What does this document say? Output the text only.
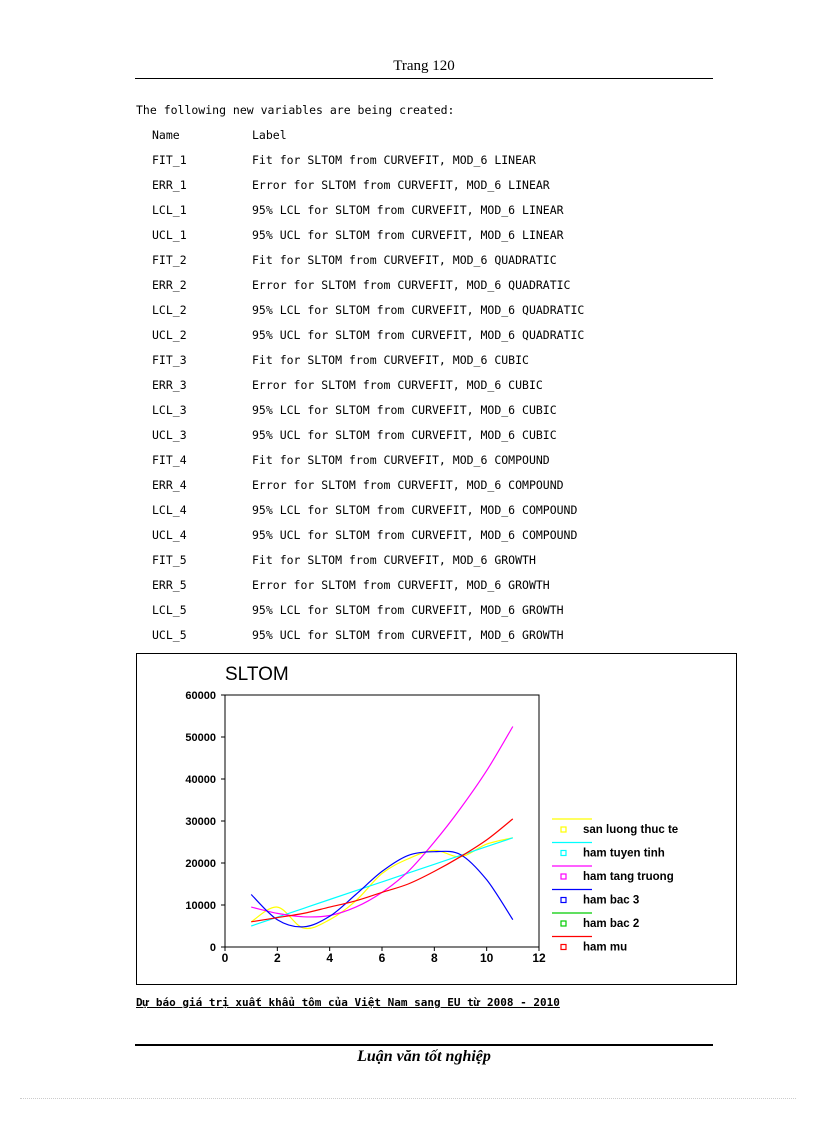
Trang 120
The following new variables are being created:
Name	Label
FIT_1	Fit for SLTOM from CURVEFIT, MOD_6 LINEAR
ERR_1	Error for SLTOM from CURVEFIT, MOD_6 LINEAR
LCL_1	95% LCL for SLTOM from CURVEFIT, MOD_6 LINEAR
UCL_1	95% UCL for SLTOM from CURVEFIT, MOD_6 LINEAR
FIT_2	Fit for SLTOM from CURVEFIT, MOD_6 QUADRATIC
ERR_2	Error for SLTOM from CURVEFIT, MOD_6 QUADRATIC
LCL_2	95% LCL for SLTOM from CURVEFIT, MOD_6 QUADRATIC
UCL_2	95% UCL for SLTOM from CURVEFIT, MOD_6 QUADRATIC
FIT_3	Fit for SLTOM from CURVEFIT, MOD_6 CUBIC
ERR_3	Error for SLTOM from CURVEFIT, MOD_6 CUBIC
LCL_3	95% LCL for SLTOM from CURVEFIT, MOD_6 CUBIC
UCL_3	95% UCL for SLTOM from CURVEFIT, MOD_6 CUBIC
FIT_4	Fit for SLTOM from CURVEFIT, MOD_6 COMPOUND
ERR_4	Error for SLTOM from CURVEFIT, MOD_6 COMPOUND
LCL_4	95% LCL for SLTOM from CURVEFIT, MOD_6 COMPOUND
UCL_4	95% UCL for SLTOM from CURVEFIT, MOD_6 COMPOUND
FIT_5	Fit for SLTOM from CURVEFIT, MOD_6 GROWTH
ERR_5	Error for SLTOM from CURVEFIT, MOD_6 GROWTH
LCL_5	95% LCL for SLTOM from CURVEFIT, MOD_6 GROWTH
UCL_5	95% UCL for SLTOM from CURVEFIT, MOD_6 GROWTH
SLTOM
0
10000
20000
30000
40000
50000
60000
0	2	4	6	8	10	12
san luong thuc te
ham tuyen tinh
ham tang truong
ham bac 3
ham bac 2
ham mu
Dự báo giá trị xuất khẩu tôm của Việt Nam sang EU từ 2008 - 2010
Luận văn tốt nghiệp
